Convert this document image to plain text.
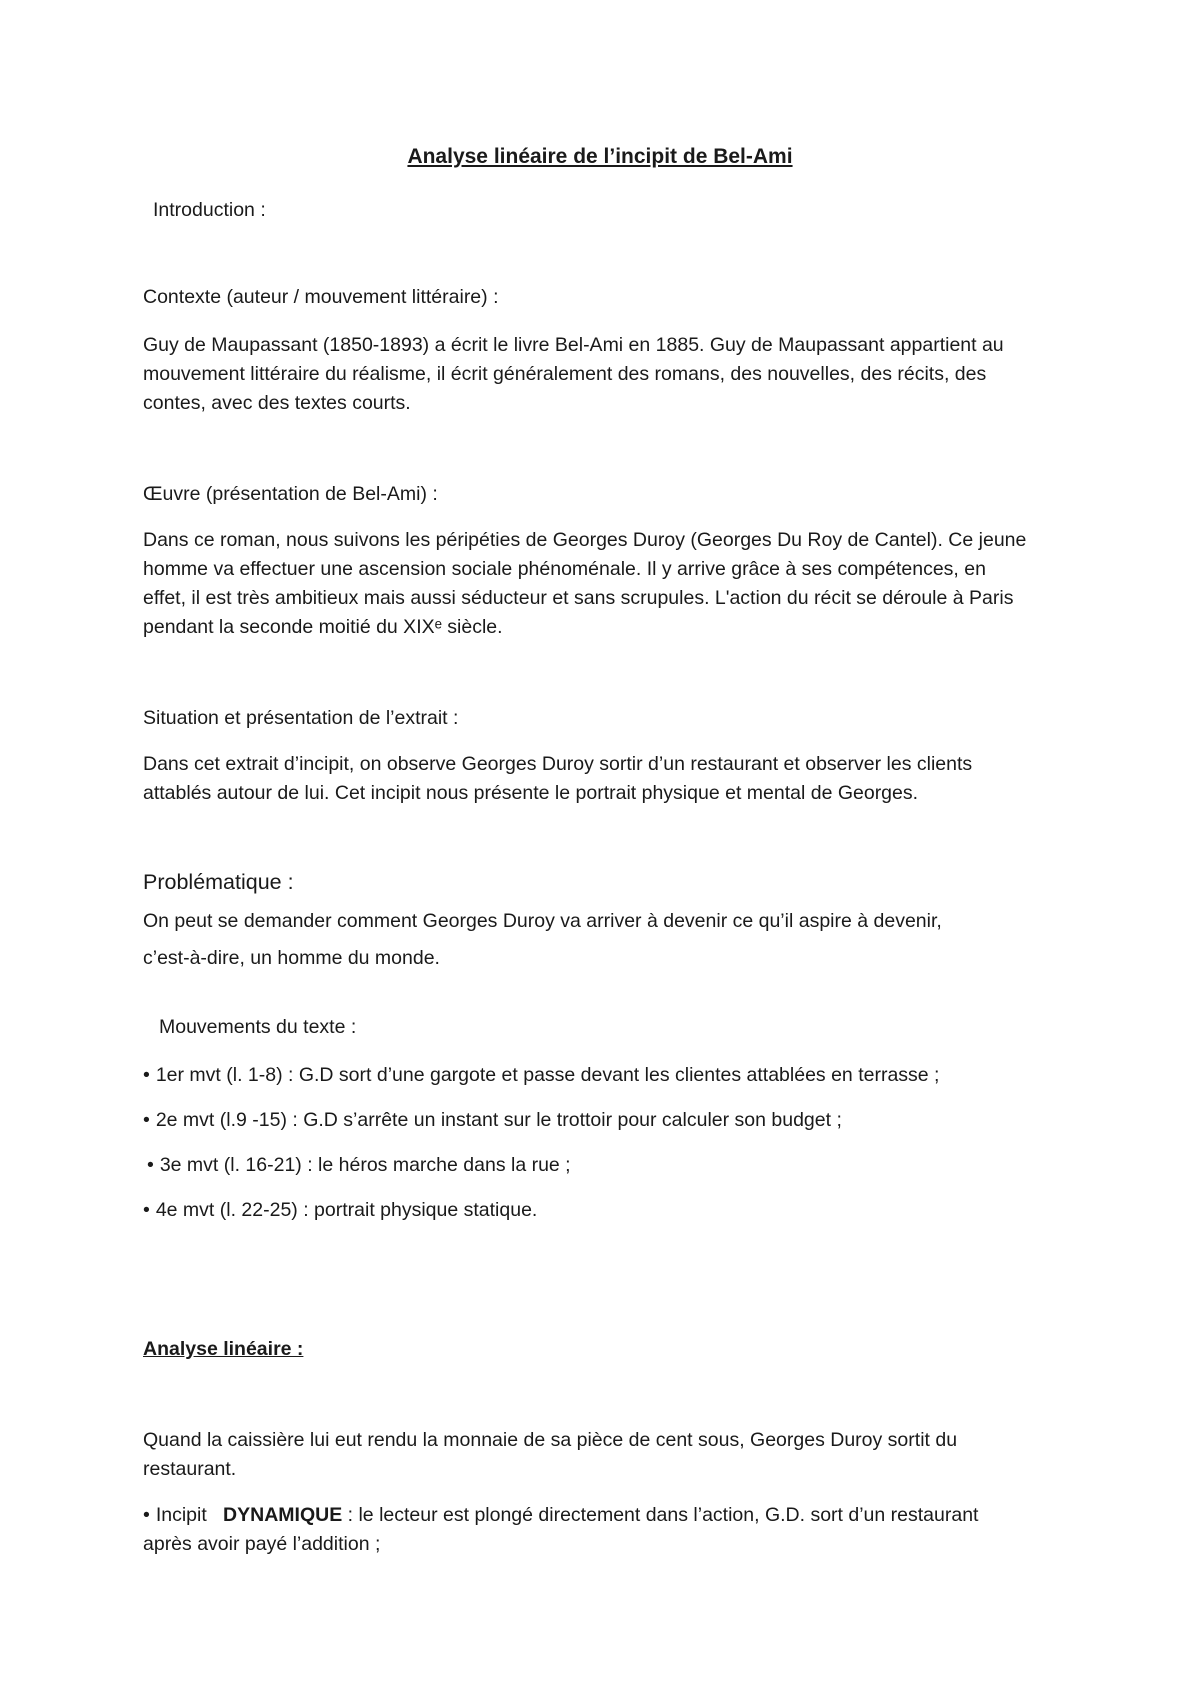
Analyse linéaire de l’incipit de Bel-Ami
Introduction :
Contexte (auteur / mouvement littéraire) :
Guy de Maupassant (1850-1893) a écrit le livre Bel-Ami en 1885. Guy de Maupassant appartient au
mouvement littéraire du réalisme, il écrit généralement des romans, des nouvelles, des récits, des
contes, avec des textes courts.
Œuvre (présentation de Bel-Ami) :
Dans ce roman, nous suivons les péripéties de Georges Duroy (Georges Du Roy de Cantel). Ce jeune
homme va effectuer une ascension sociale phénoménale. Il y arrive grâce à ses compétences, en
effet, il est très ambitieux mais aussi séducteur et sans scrupules. L'action du récit se déroule à Paris
pendant la seconde moitié du XIXᵉ siècle.
Situation et présentation de l’extrait :
Dans cet extrait d’incipit, on observe Georges Duroy sortir d’un restaurant et observer les clients
attablés autour de lui. Cet incipit nous présente le portrait physique et mental de Georges.
Problématique :
On peut se demander comment Georges Duroy va arriver à devenir ce qu’il aspire à devenir,
c’est-à-dire, un homme du monde.
Mouvements du texte :
• 1er mvt (l. 1-8) : G.D sort d’une gargote et passe devant les clientes attablées en terrasse ;
• 2e mvt (l.9 -15) : G.D s’arrête un instant sur le trottoir pour calculer son budget ;
• 3e mvt (l. 16-21) : le héros marche dans la rue ;
• 4e mvt (l. 22-25) : portrait physique statique.
Analyse linéaire :
Quand la caissière lui eut rendu la monnaie de sa pièce de cent sous, Georges Duroy sortit du
restaurant.
• Incipit DYNAMIQUE : le lecteur est plongé directement dans l’action, G.D. sort d’un restaurant
après avoir payé l’addition ;
